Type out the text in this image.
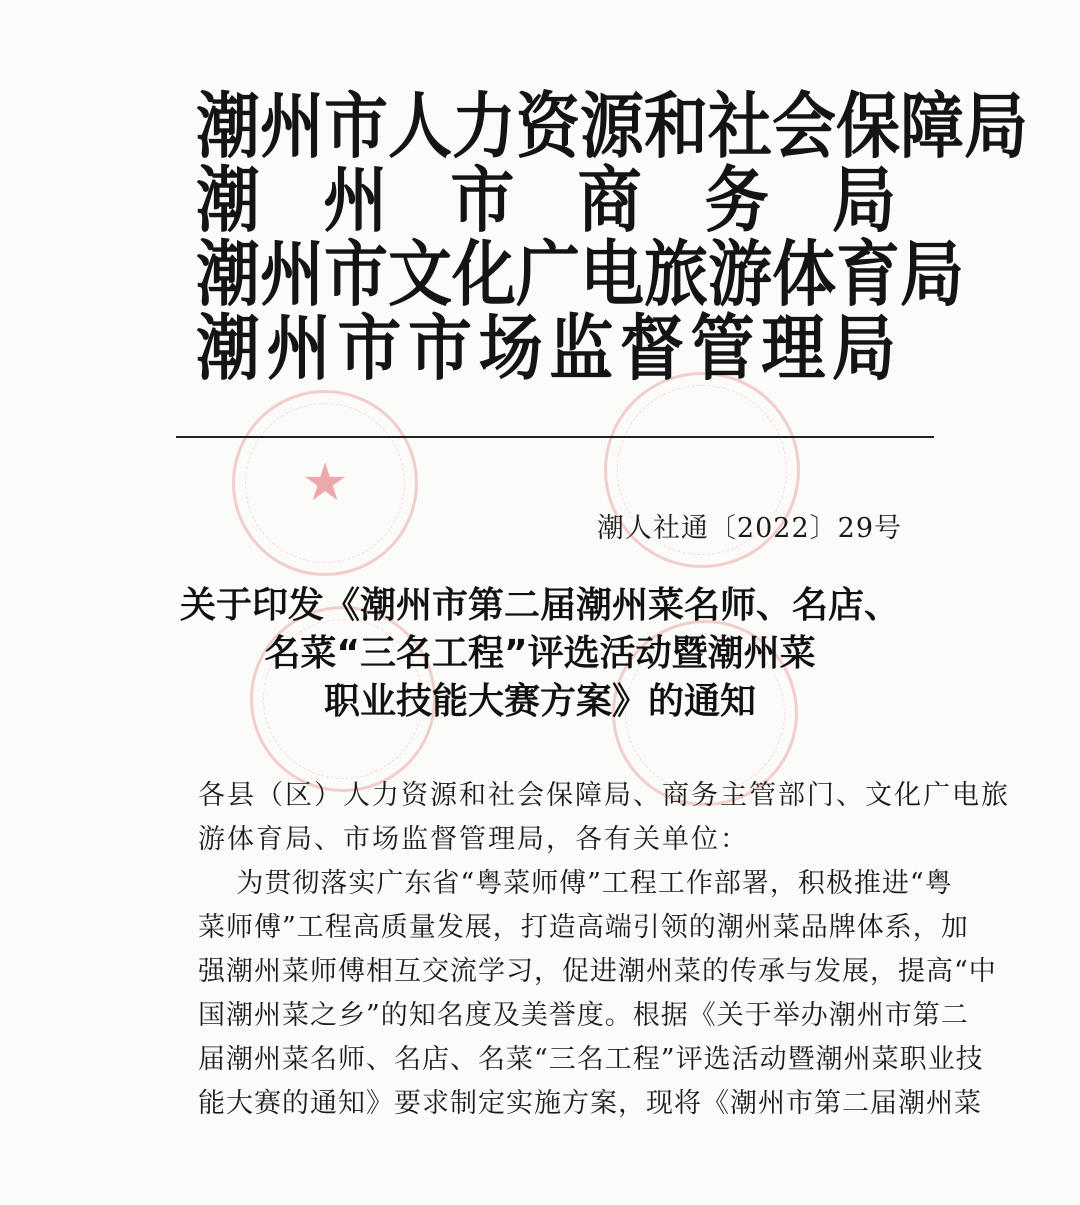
★
潮 州 市 人 力 资 源 和 社 会 保 障 局
潮 州 市 商 务 局
潮 州 市 文 化 广 电 旅 游 体 育 局
潮 州 市 市 场 监 督 管 理 局
潮人社通〔2022〕29号
关于印发《潮州市第二届潮州菜名师、名店、
名菜“三名工程”评选活动暨潮州菜
职业技能大赛方案》的通知
各县（区）人力资源和社会保障局、商务主管部门、文化广电旅
游体育局、市场监督管理局，各有关单位：
为贯彻落实广东省“粤菜师傅”工程工作部署，积极推进“粤
菜师傅”工程高质量发展，打造高端引领的潮州菜品牌体系，加
强潮州菜师傅相互交流学习，促进潮州菜的传承与发展，提高“中
国潮州菜之乡”的知名度及美誉度。根据《关于举办潮州市第二
届潮州菜名师、名店、名菜“三名工程”评选活动暨潮州菜职业技
能大赛的通知》要求制定实施方案，现将《潮州市第二届潮州菜
